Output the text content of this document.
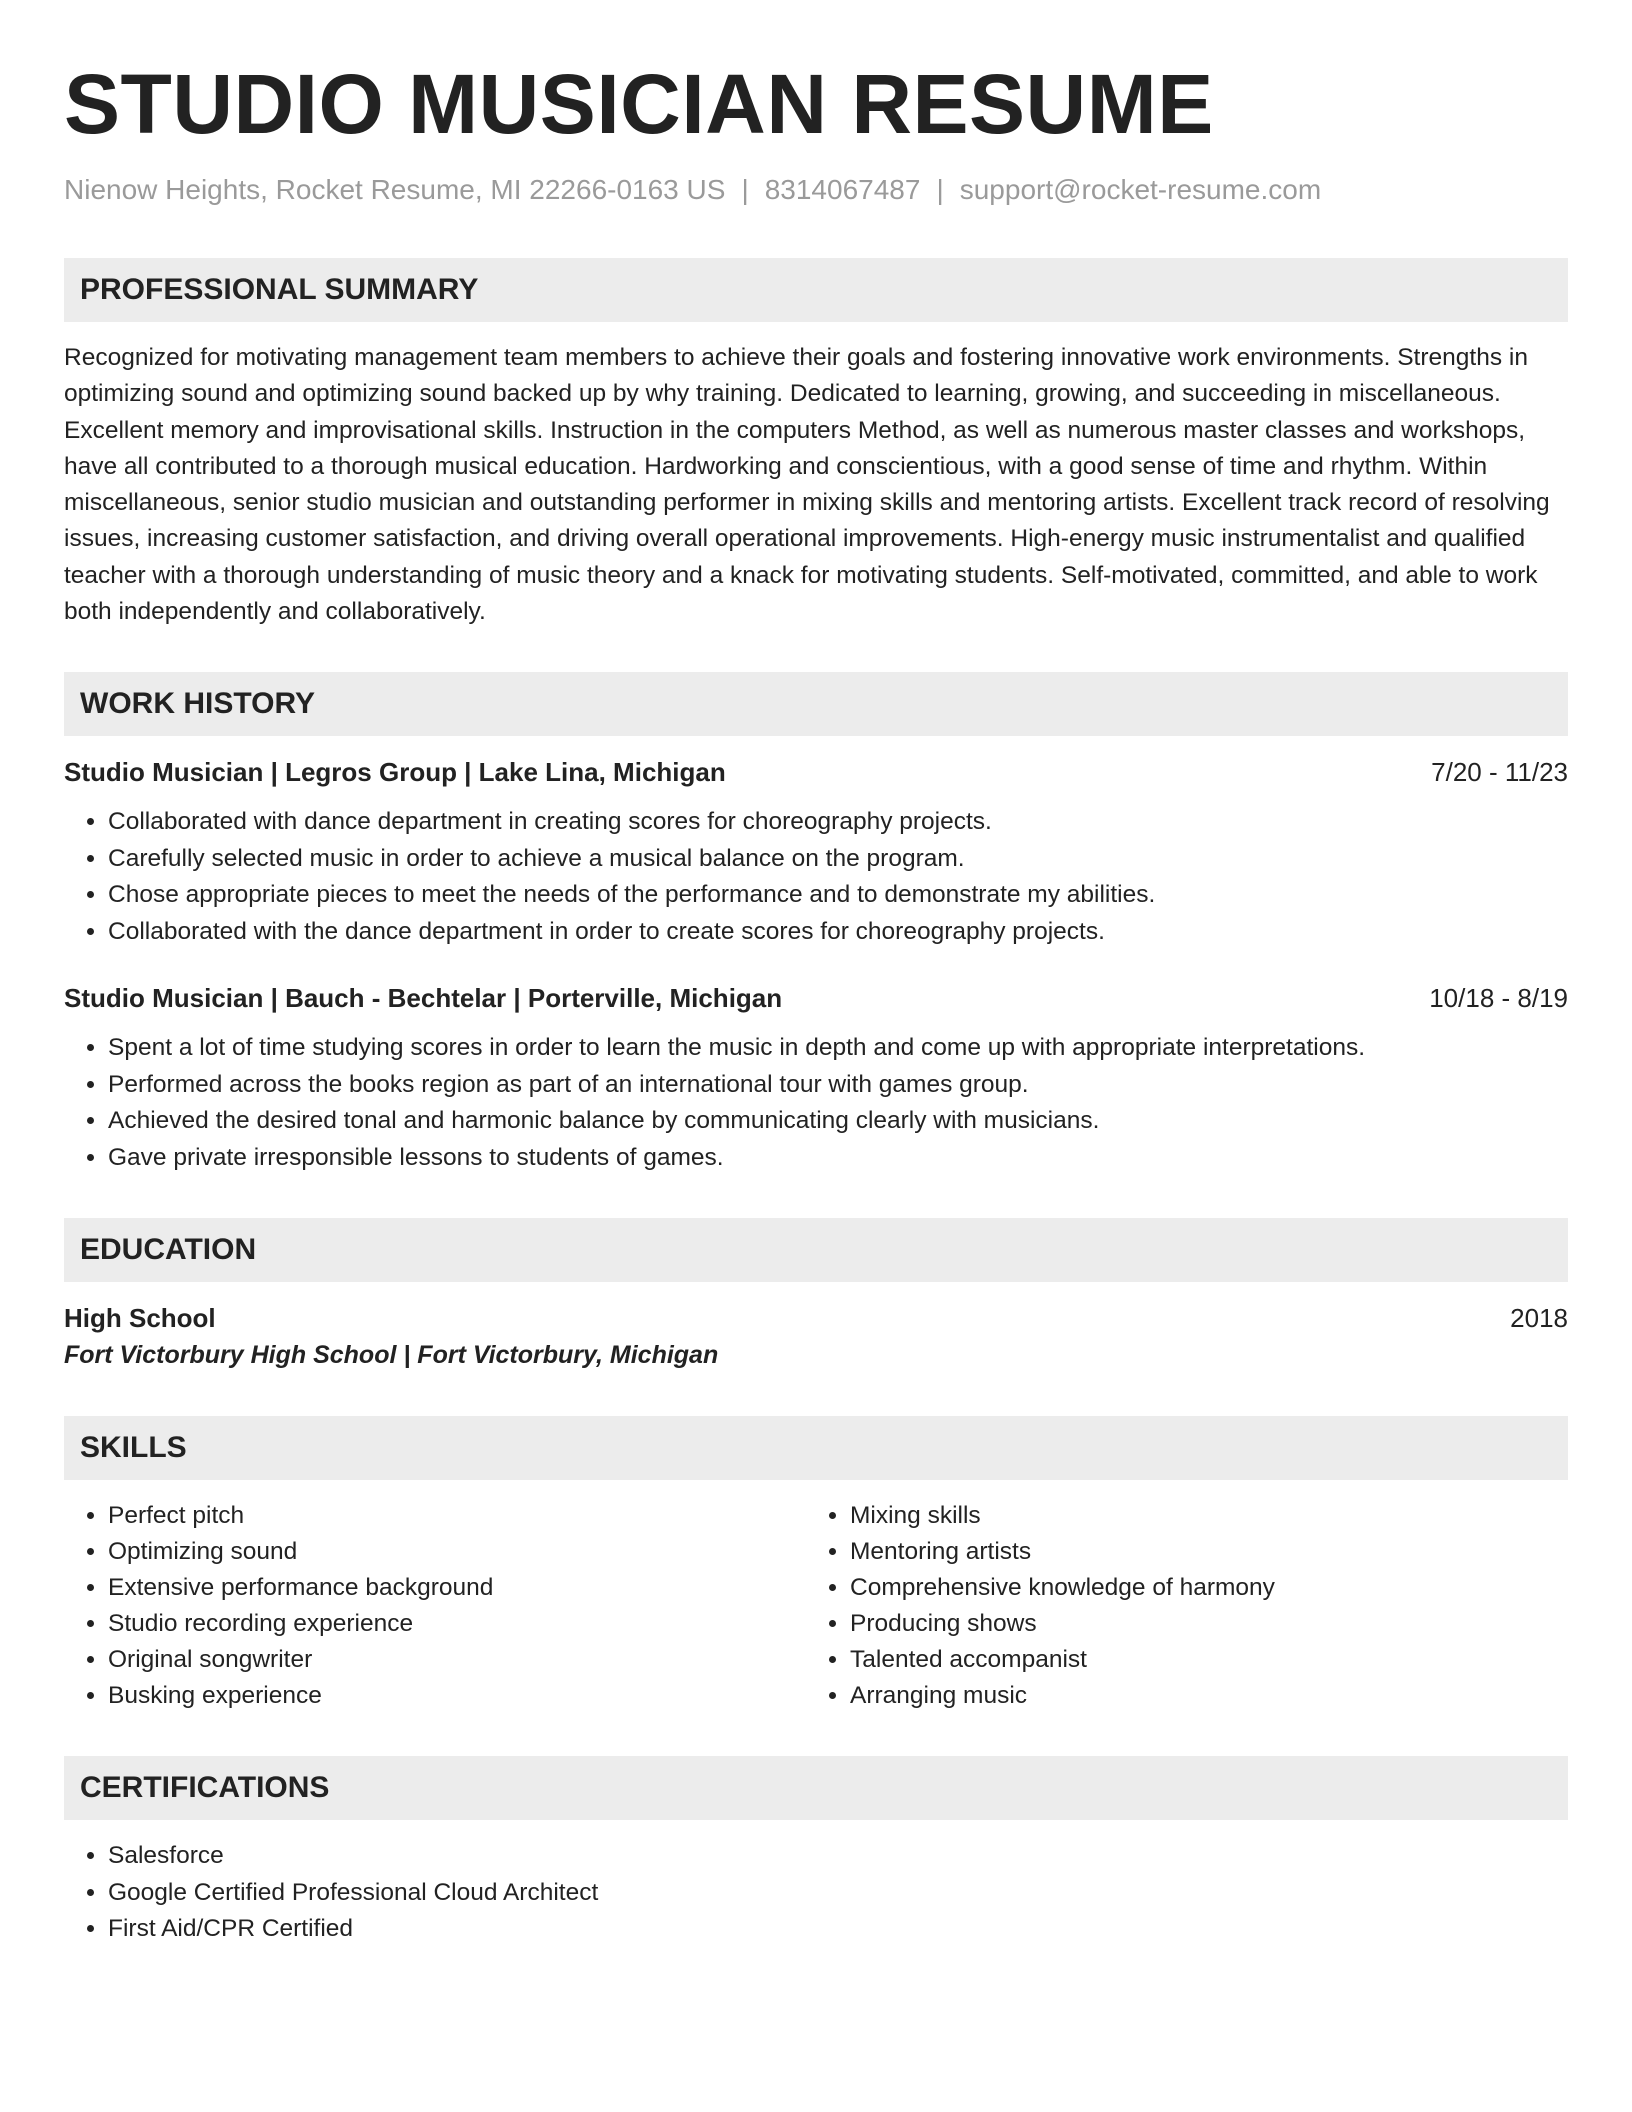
STUDIO MUSICIAN RESUME
Nienow Heights, Rocket Resume, MI 22266-0163 US | 8314067487 | support@rocket-resume.com
PROFESSIONAL SUMMARY
Recognized for motivating management team members to achieve their goals and fostering innovative work environments. Strengths in optimizing sound and optimizing sound backed up by why training. Dedicated to learning, growing, and succeeding in miscellaneous. Excellent memory and improvisational skills. Instruction in the computers Method, as well as numerous master classes and workshops, have all contributed to a thorough musical education. Hardworking and conscientious, with a good sense of time and rhythm. Within miscellaneous, senior studio musician and outstanding performer in mixing skills and mentoring artists. Excellent track record of resolving issues, increasing customer satisfaction, and driving overall operational improvements. High-energy music instrumentalist and qualified teacher with a thorough understanding of music theory and a knack for motivating students. Self-motivated, committed, and able to work both independently and collaboratively.
WORK HISTORY
Studio Musician | Legros Group | Lake Lina, Michigan	7/20 - 11/23
• Collaborated with dance department in creating scores for choreography projects.
• Carefully selected music in order to achieve a musical balance on the program.
• Chose appropriate pieces to meet the needs of the performance and to demonstrate my abilities.
• Collaborated with the dance department in order to create scores for choreography projects.
Studio Musician | Bauch - Bechtelar | Porterville, Michigan	10/18 - 8/19
• Spent a lot of time studying scores in order to learn the music in depth and come up with appropriate interpretations.
• Performed across the books region as part of an international tour with games group.
• Achieved the desired tonal and harmonic balance by communicating clearly with musicians.
• Gave private irresponsible lessons to students of games.
EDUCATION
High School	2018
Fort Victorbury High School | Fort Victorbury, Michigan
SKILLS
• Perfect pitch
• Optimizing sound
• Extensive performance background
• Studio recording experience
• Original songwriter
• Busking experience
• Mixing skills
• Mentoring artists
• Comprehensive knowledge of harmony
• Producing shows
• Talented accompanist
• Arranging music
CERTIFICATIONS
• Salesforce
• Google Certified Professional Cloud Architect
• First Aid/CPR Certified
